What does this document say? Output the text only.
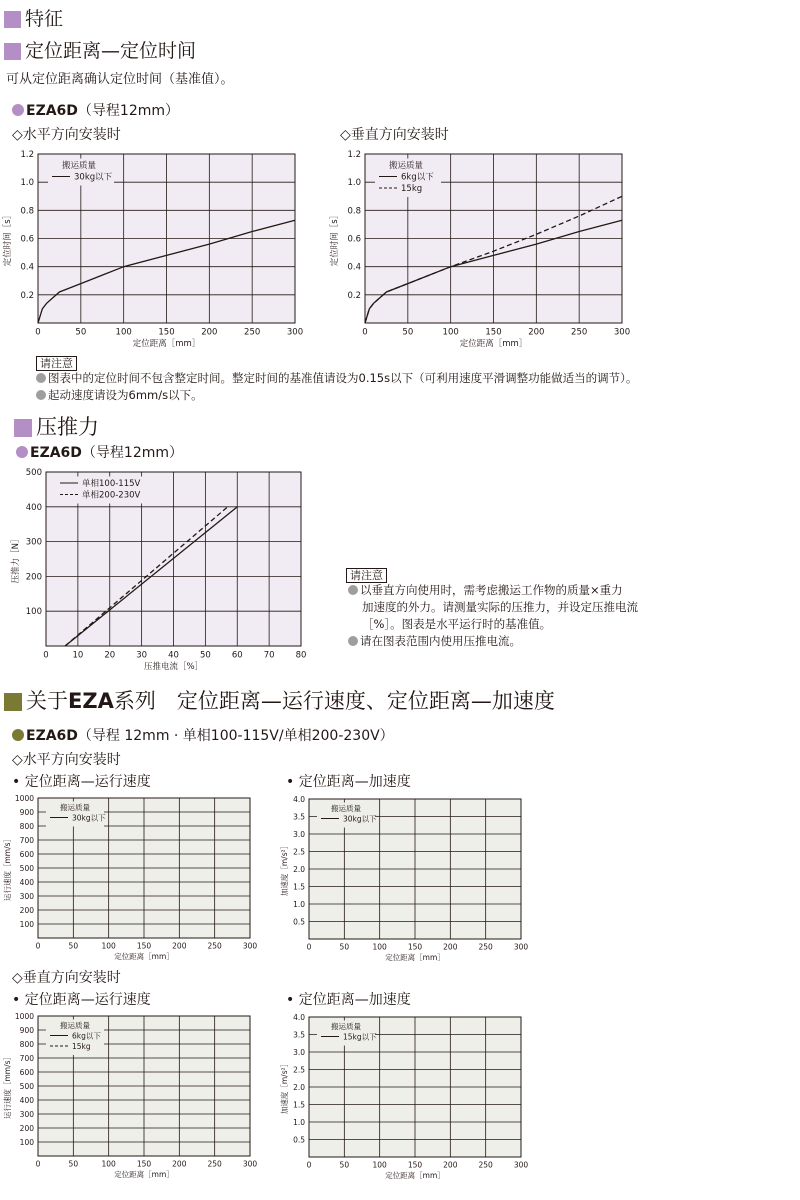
特征
定位距离—定位时间
可从定位距离确认定位时间（基准值）。
EZA6D（导程12mm）
◇水平方向安装时	◇垂直方向安装时
0	50	100	150	200	250	300
0.2
0.4
0.6
0.8
1.0
1.2
定位距离［mm］
定位时间［s］
搬运质量
30kg以下
0	50	100	150	200	250	300
0.2
0.4
0.6
0.8
1.0
1.2
定位距离［mm］
定位时间［s］
搬运质量
6kg以下
15kg
请注意
图表中的定位时间不包含整定时间。整定时间的基准值请设为0.15s以下（可利用速度平滑调整功能做适当的调节）。
起动速度请设为6mm/s以下。
压推力
EZA6D（导程12mm）
0	10 20 30 40 50 60 70 80
100
200
300
400
500
压推电流［%］
压推力［N］
单相100-115V
单相200-230V
请注意
以垂直方向使用时，需考虑搬运工作物的质量×重力
加速度的外力。请测量实际的压推力，并设定压推电流
［%］。图表是水平运行时的基准值。
请在图表范围内使用压推电流。
关于EZA系列　定位距离—运行速度、定位距离—加速度
EZA6D（导程 12mm · 单相100-115V/单相200-230V）
◇水平方向安装时
• 定位距离—运行速度	• 定位距离—加速度
0	50	100	150	200	250	300
100
200
300
400
500
600
700
800
900
1000
定位距离［mm］
运行速度［mm/s］
搬运质量
30kg以下
0	50	100	150	200	250	300
0.5
1.0
1.5
2.0
2.5
3.0
3.5
4.0
定位距离［mm］
加速度［m/s²］
搬运质量
30kg以下
◇垂直方向安装时
• 定位距离—运行速度	• 定位距离—加速度
0	50	100	150	200	250	300
100
200
300
400
500
600
700
800
900
1000
定位距离［mm］
运行速度［mm/s］
搬运质量
6kg以下
15kg
0	50	100	150	200	250	300
0.5
1.0
1.5
2.0
2.5
3.0
3.5
4.0
定位距离［mm］
加速度［m/s²］
搬运质量
15kg以下
